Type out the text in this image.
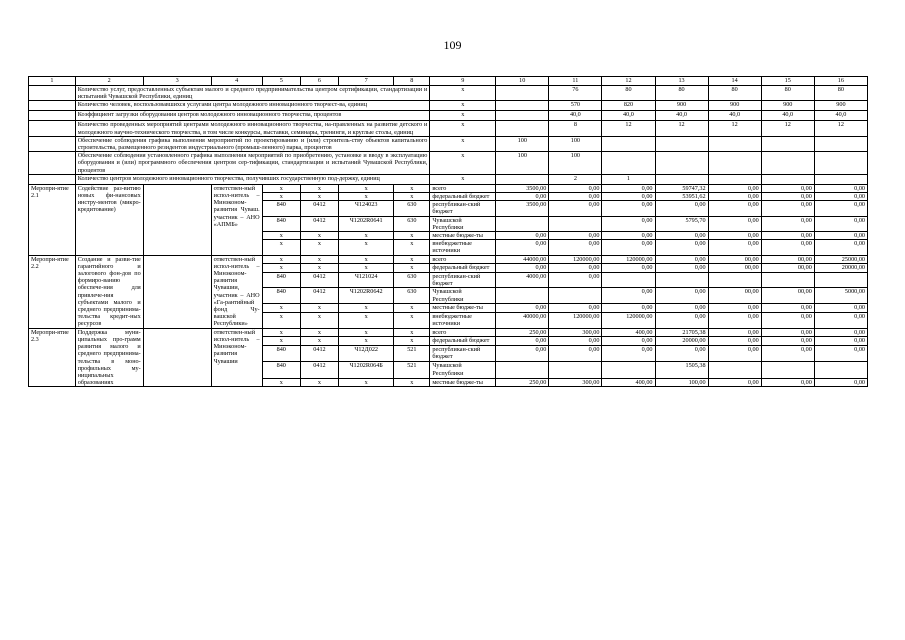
109
1	2	3	4	5	6	7	8	9	10	11	12	13	14	15	16
	Количество услуг, предоставленных субъектам малого и среднего предпринимательства центром сертификации, стандартизации и испытаний Чувашской Республики, единиц							x		76	80	80	80	80	80
	Количество человек, воспользовавшихся услугами центра молодежного инновационного творчест-ва, единиц							x		570	820	900	900	900	900
	Коэффициент загрузки оборудования центров молодежного инновационного творчества, процентов							x		40,0	40,0	40,0	40,0	40,0	40,0
	Количество проведенных мероприятий центрами молодежного инновационного творчества, на-правленных на развитие детского и молодежного научно-технического творчества, в том числе конкурсы, выставки, семинары, тренинги, и круглые столы, единиц							x		8	12	12	12	12	12
	Обеспечение соблюдения графика выполнения мероприятий по проектированию и (или) строитель-ству объектов капитального строительства, размещенного резидентов индустриального (промыш-ленного) парка, процентов							x	100	100					
	Обеспечение соблюдения установленного графика выполнения мероприятий по приобретению, установке и вводу в эксплуатацию оборудования и (или) программного обеспечения центром сер-тификации, стандартизации и испытаний Чувашской Республики, процентов							x	100	100					
	Количество центров молодежного инновационного творчества, получивших государственную под-держку, единиц							x		2	1				
Меропри-ятие 2.1	Содействие раз-витию новых фи-нансовых инстру-ментов (микро-кредитование)		ответствен-ный испол-нитель – Минэконом-развития Чуваш. участник – АНО «АПМБ»	x	x	x	x	всего	3500,00	0,00	0,00	59747,32	0,00	0,00	0,00
				x	x	x	x	федеральный бюджет	0,00	0,00	0,00	53951,62	0,00	0,00	0,00
				840	0412	Ч124023	630	республикан-ский бюджет	3500,00	0,00	0,00	0,00	0,00	0,00	0,00
				840	0412	Ч1202R0641	630	Чувашской Республики			0,00	5795,70	0,00	0,00	0,00
				x	x	x	x	местные бюдже-ты	0,00	0,00	0,00	0,00	0,00	0,00	0,00
				x	x	x	x	внебюджетные источники	0,00	0,00	0,00	0,00	0,00	0,00	0,00
Меропри-ятие 2.2	Создание и разви-тие гарантийного и залогового фон-дов по формиро-ванию обеспече-ния для привлече-ния субъектами малого и среднего предпринима-тельства кредит-ных ресурсов		ответствен-ный испол-нитель – Минэконом-развития Чувашии, участник – АНО «Га-рантийный фонд Чу-вашской Республики»	x	x	x	x	всего	44000,00	120000,00	120000,00	0,00	00,00	00,00	25000,00
				x	x	x	x	федеральный бюджет	0,00	0,00	0,00	0,00	00,00	00,00	20000,00
				840	0412	Ч121024	630	республикан-ский бюджет	4000,00	0,00					
				840	0412	Ч1202R0642	630	Чувашской Республики			0,00	0,00	00,00	00,00	5000,00
				x	x	x	x	местные бюдже-ты	0,00	0,00	0,00	0,00	0,00	0,00	0,00
				x	x	x	x	внебюджетные источники	40000,00	120000,00	120000,00	0,00	0,00	0,00	0,00
Меропри-ятие 2.3	Поддержка муни-ципальных про-грамм развития малого и среднего предпринима-тельства в моно-профильных му-ниципальных образованиях		ответствен-ный испол-нитель – Минэконом-развития Чувашии	x	x	x	x	всего	250,00	300,00	400,00	21705,38	0,00	0,00	0,00
				x	x	x	x	федеральный бюджет	0,00	0,00	0,00	20000,00	0,00	0,00	0,00
				840	0412	Ч12Д022	521	республикан-ский бюджет	0,00	0,00	0,00	0,00	0,00	0,00	0,00
				840	0412	Ч1202R064Б	521	Чувашской Республики				1505,38			
				x	x	x	x	местные бюдже-ты	250,00	300,00	400,00	100,00	0,00	0,00	0,00
